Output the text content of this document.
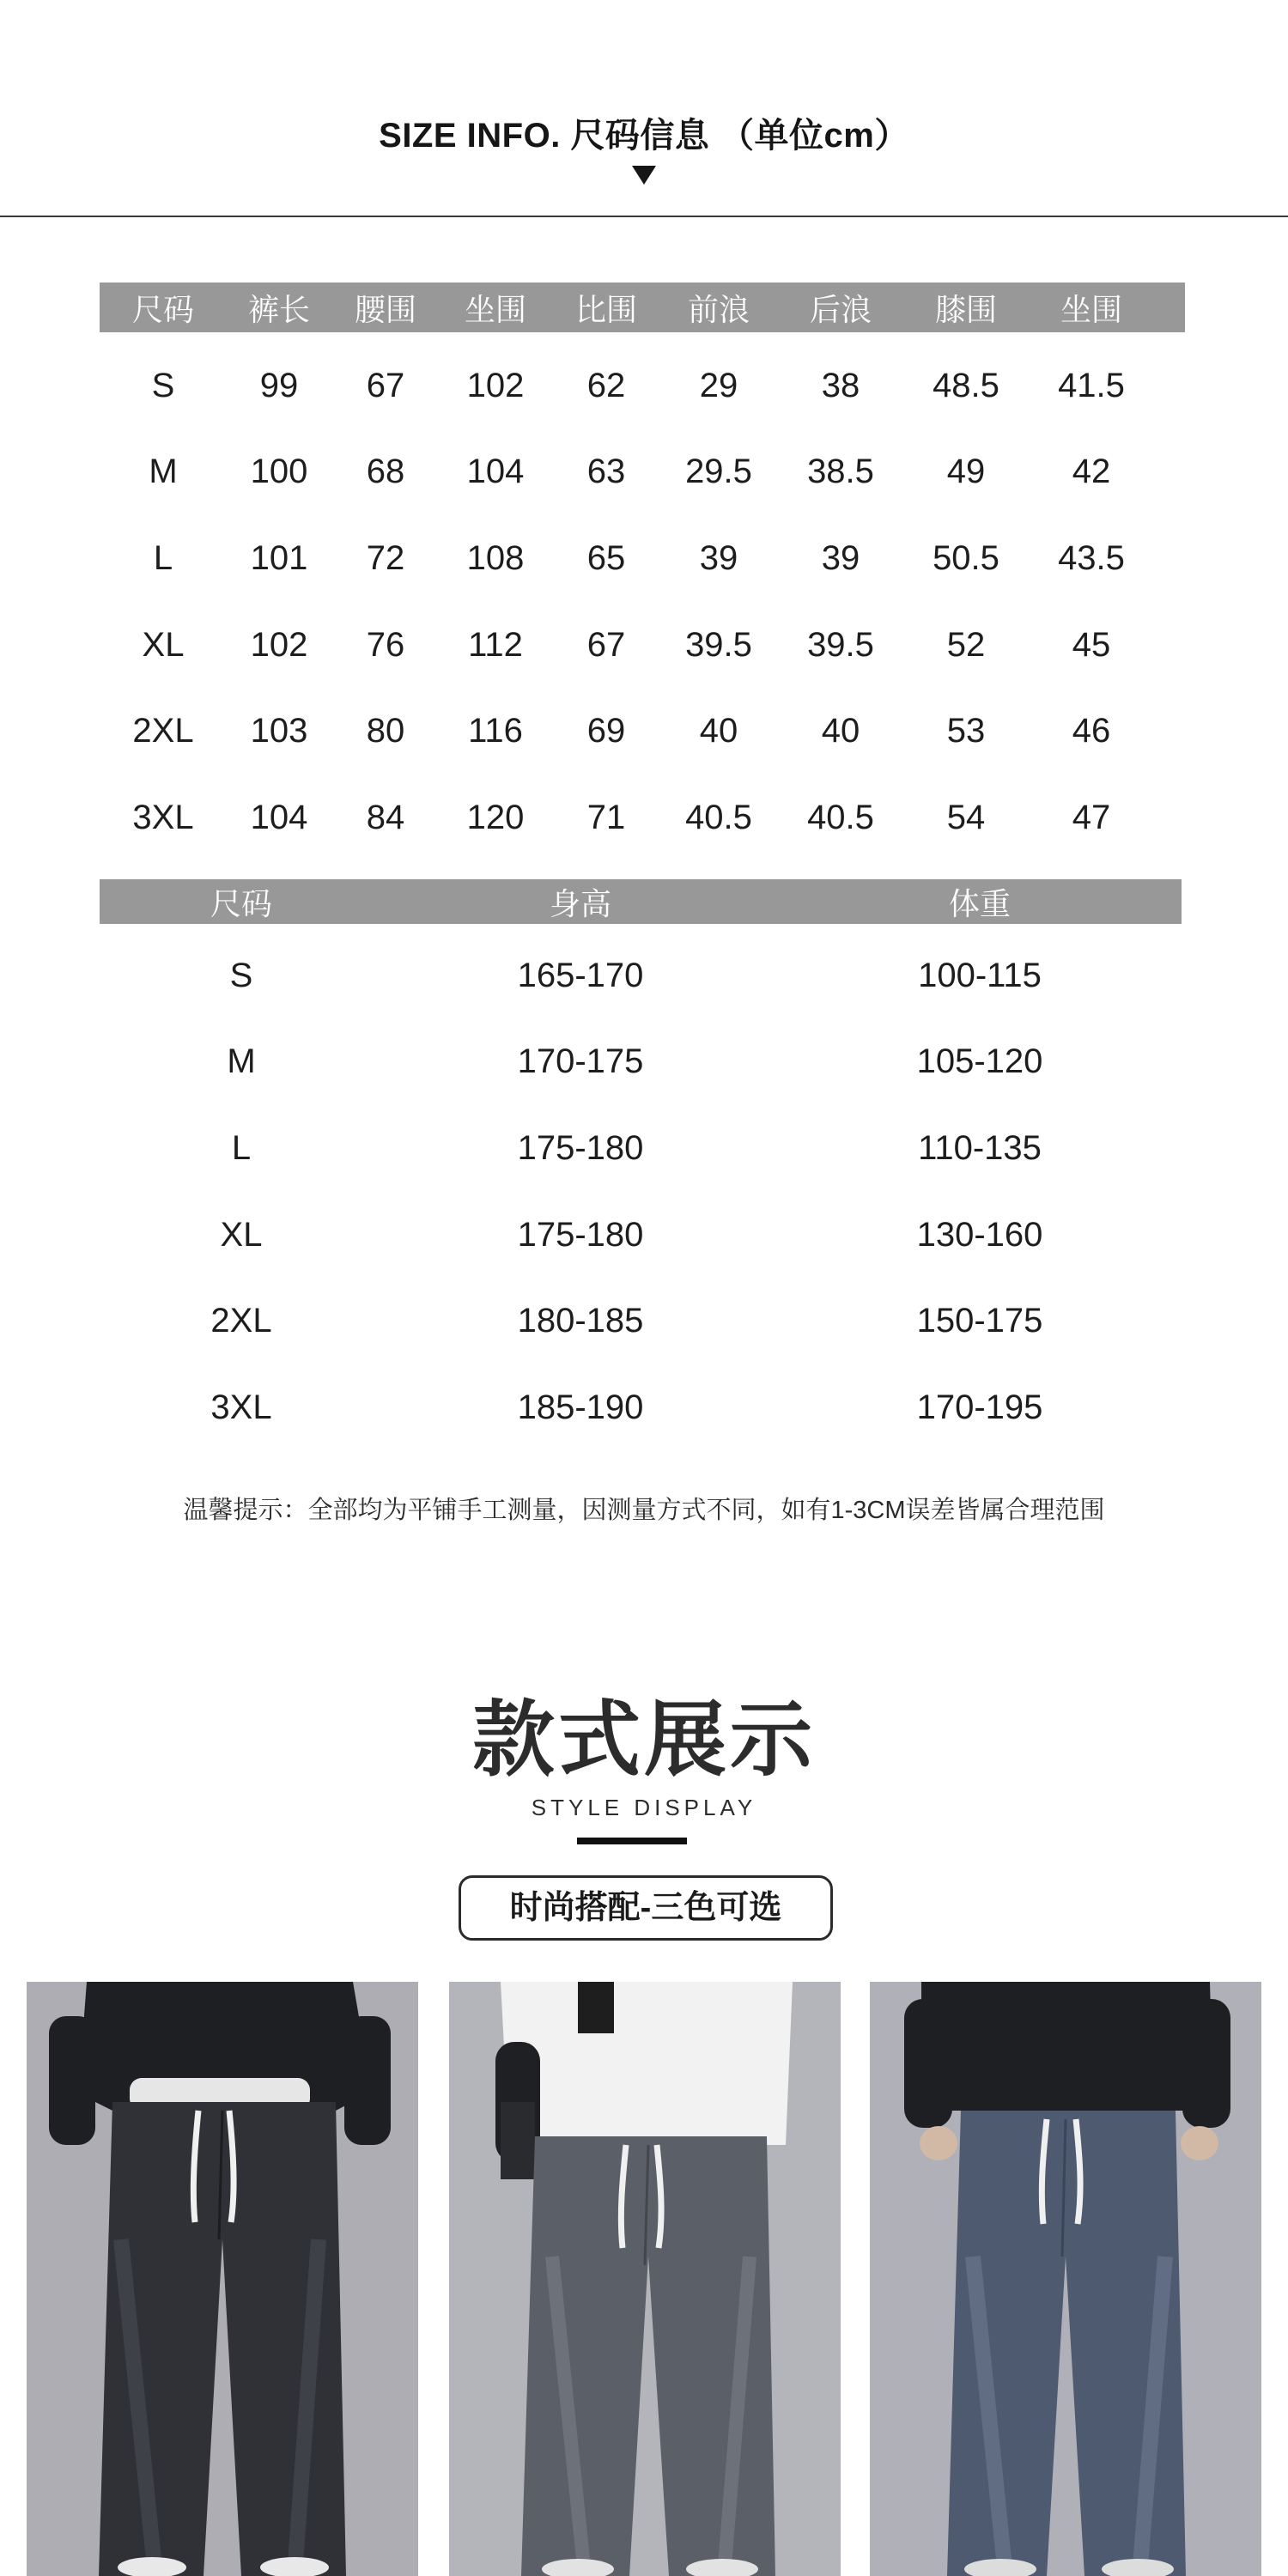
SIZE INFO. 尺码信息 （单位cm）
尺码	裤长	腰围	坐围	比围	前浪	后浪	膝围	坐围
S	99	67	102	62	29	38	48.5	41.5
M	100	68	104	63	29.5	38.5	49	42
L	101	72	108	65	39	39	50.5	43.5
XL	102	76	112	67	39.5	39.5	52	45
2XL	103	80	116	69	40	40	53	46
3XL	104	84	120	71	40.5	40.5	54	47
尺码	身高	体重
S	165-170	100-115
M	170-175	105-120
L	175-180	110-135
XL	175-180	130-160
2XL	180-185	150-175
3XL	185-190	170-195
温馨提示：全部均为平铺手工测量，因测量方式不同，如有1-3CM误差皆属合理范围
款式展示
STYLE DISPLAY
时尚搭配-三色可选
